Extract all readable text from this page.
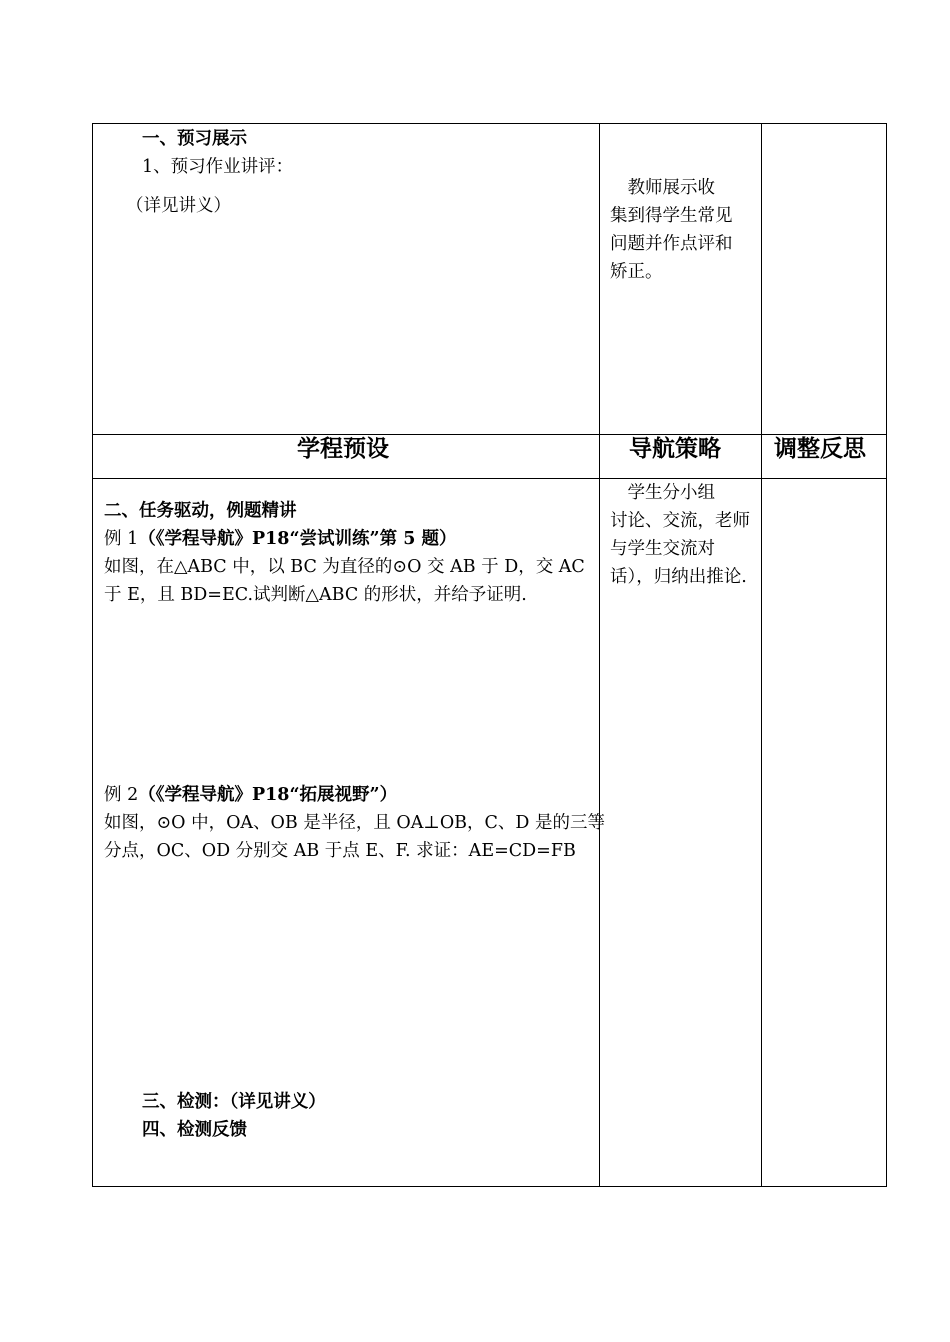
一、预习展示
1、预习作业讲评：
（详见讲义）
　教师展示收
集到得学生常见
问题并作点评和
矫正。
学程预设	导航策略 调整反思
二、任务驱动，例题精讲
例 1（《学程导航》P18“尝试训练”第 5 题）
如图，在△ABC 中，以 BC 为直径的⊙O 交 AB 于 D，交 AC
于 E，且 BD=EC.试判断△ABC 的形状，并给予证明.
例 2（《学程导航》P18“拓展视野”）
如图，⊙O 中，OA、OB 是半径，且 OA⊥OB，C、D 是的三等
分点，OC、OD 分别交 AB 于点 E、F. 求证：AE=CD=FB
三、检测：（详见讲义）
四、检测反馈
　学生分小组
讨论、交流，老师
与学生交流对
话），归纳出推论.
